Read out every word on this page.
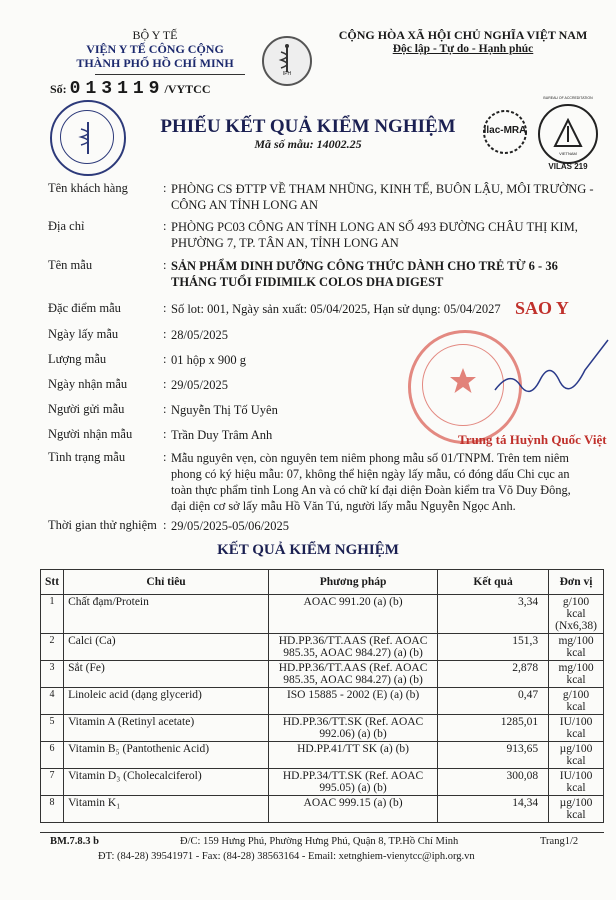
BỘ Y TẾ
VIỆN Y TẾ CÔNG CỘNG
THÀNH PHỐ HỒ CHÍ MINH
Số: 013119/VYTCC
IPH
CỘNG HÒA XÃ HỘI CHỦ NGHĨA VIỆT NAM
Độc lập - Tự do - Hạnh phúc
PHIẾU KẾT QUẢ KIỂM NGHIỆM
Mã số mẫu: 14002.25
ilac-MRA
BUREAU OF ACCREDITATION
VIETNAM
VILAS 219
Tên khách hàng	: PHÒNG CS ĐTTP VỀ THAM NHŨNG, KINH TẾ, BUÔN LẬU, MÔI TRƯỜNG -
CÔNG AN TỈNH LONG AN
Địa chỉ	: PHÒNG PC03 CÔNG AN TỈNH LONG AN SỐ 493 ĐƯỜNG CHÂU THỊ KIM,
PHƯỜNG 7, TP. TÂN AN, TỈNH LONG AN
Tên mẫu	: SẢN PHẨM DINH DƯỠNG CÔNG THỨC DÀNH CHO TRẺ TỪ 6 - 36
THÁNG TUỔI FIDIMILK COLOS DHA DIGEST
Đặc điểm mẫu	: Số lot: 001, Ngày sản xuất: 05/04/2025, Hạn sử dụng: 05/04/2027
Ngày lấy mẫu	: 28/05/2025
Lượng mẫu	: 01 hộp x 900 g
Ngày nhận mẫu	: 29/05/2025
Người gửi mẫu	: Nguyễn Thị Tố Uyên
Người nhận mẫu : Trần Duy Trâm Anh
Tình trạng mẫu	: Mẫu nguyên vẹn, còn nguyên tem niêm phong mẫu số 01/TNPM. Trên tem niêm
phong có ký hiệu mẫu: 07, không thể hiện ngày lấy mẫu, có đóng dấu Chi cục an
toàn thực phẩm tỉnh Long An và có chữ kí đại diện Đoàn kiểm tra Võ Duy Đông,
đại diện cơ sở lấy mẫu Hồ Văn Tú, người lấy mẫu Nguyễn Ngọc Anh.
Thời gian thử nghiệm : 29/05/2025-05/06/2025
SAO Y
Trung tá Huỳnh Quốc Việt
KẾT QUẢ KIỂM NGHIỆM
Stt	Chỉ tiêu	Phương pháp	Kết quả	Đơn vị
1	Chất đạm/Protein	AOAC 991.20 (a) (b)	3,34	g/100 kcal (Nx6,38)
2	Calci (Ca)	HD.PP.36/TT.AAS (Ref. AOAC 985.35, AOAC 984.27) (a) (b)	151,3	mg/100 kcal
3	Sắt (Fe)	HD.PP.36/TT.AAS (Ref. AOAC 985.35, AOAC 984.27) (a) (b)	2,878	mg/100 kcal
4	Linoleic acid (dạng glycerid)	ISO 15885 - 2002 (E) (a) (b)	0,47	g/100 kcal
5	Vitamin A (Retinyl acetate)	HD.PP.36/TT.SK (Ref. AOAC 992.06) (a) (b)	1285,01	IU/100 kcal
6	Vitamin B₅ (Pantothenic Acid)	HD.PP.41/TT SK (a) (b)	913,65	µg/100 kcal
7	Vitamin D₃ (Cholecalciferol)	HD.PP.34/TT.SK (Ref. AOAC 995.05) (a) (b)	300,08	IU/100 kcal
8	Vitamin K₁	AOAC 999.15 (a) (b)	14,34	µg/100 kcal
BM.7.8.3 b	Đ/C: 159 Hưng Phú, Phường Hưng Phú, Quận 8, TP.Hồ Chí Minh	Trang1/2
ĐT: (84-28) 39541971 - Fax: (84-28) 38563164 - Email: xetnghiem-vienytcc@iph.org.vn
